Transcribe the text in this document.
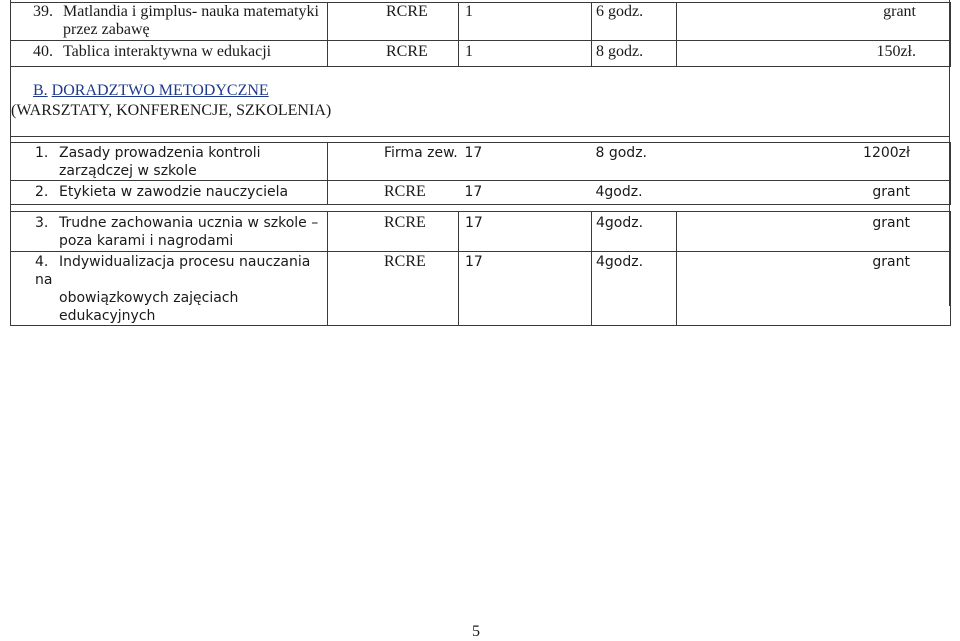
39. Matlandia i gimplus- nauka matematyki
przez zabawę	RCRE	1	6 godz.	grant
40. Tablica interaktywna w edukacji	RCRE	1	8 godz.	150zł.
B. DORADZTWO METODYCZNE
(WARSZTATY, KONFERENCJE, SZKOLENIA)
1. Zasady prowadzenia kontroli
zarządczej w szkole	Firma zew.	17	8 godz.	1200zł
2. Etykieta w zawodzie nauczyciela	RCRE	17	4godz.	grant
3. Trudne zachowania ucznia w szkole –
poza karami i nagrodami	RCRE	17	4godz.	grant
4. Indywidualizacja procesu nauczania na
obowiązkowych zajęciach
edukacyjnych	RCRE	17	4godz.	grant
5
